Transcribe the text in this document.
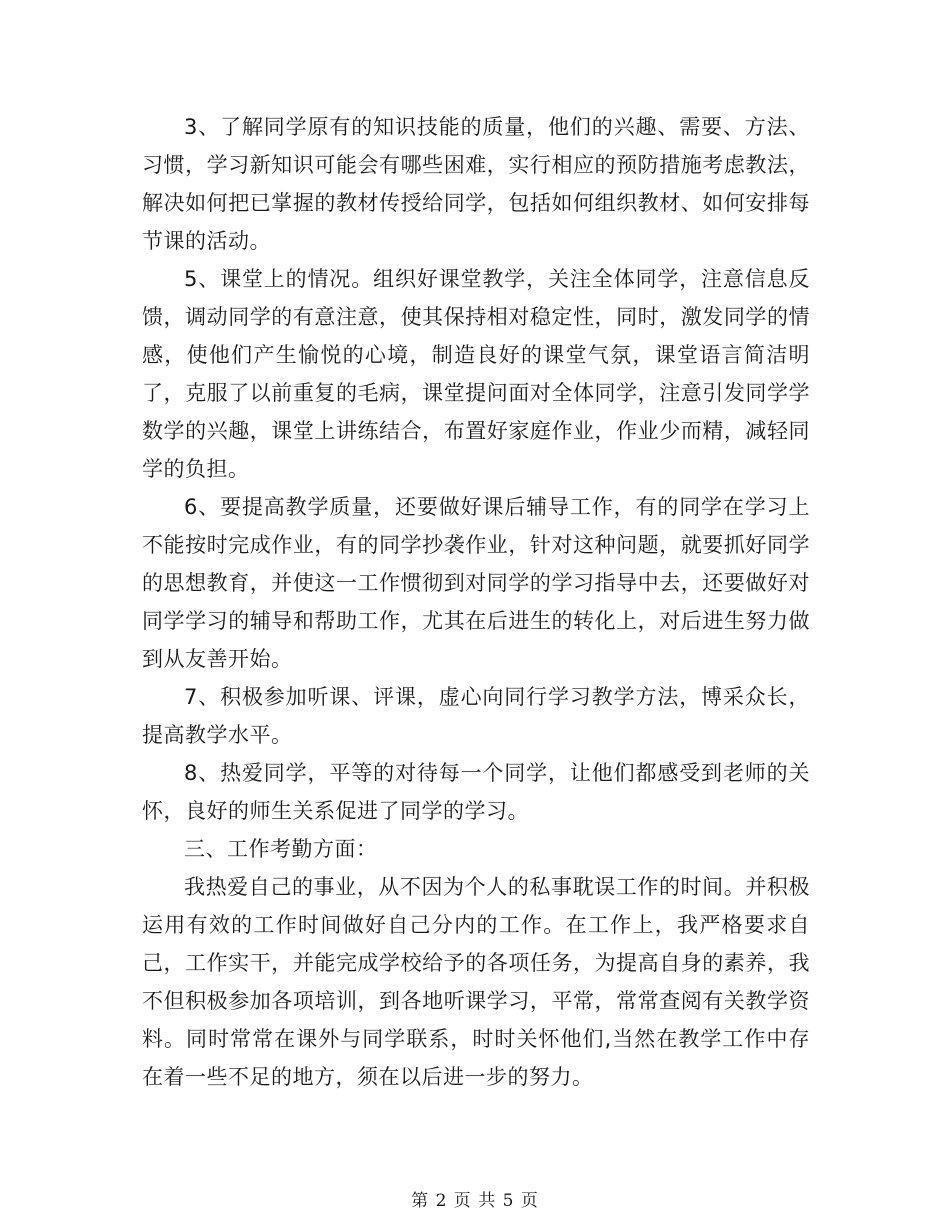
3、了解同学原有的知识技能的质量，他们的兴趣、需要、方法、习惯，学习新知识可能会有哪些困难，实行相应的预防措施考虑教法，解决如何把已掌握的教材传授给同学，包括如何组织教材、如何安排每节课的活动。

5、课堂上的情况。组织好课堂教学，关注全体同学，注意信息反馈，调动同学的有意注意，使其保持相对稳定性，同时，激发同学的情感，使他们产生愉悦的心境，制造良好的课堂气氛，课堂语言简洁明了，克服了以前重复的毛病，课堂提问面对全体同学，注意引发同学学数学的兴趣，课堂上讲练结合，布置好家庭作业，作业少而精，减轻同学的负担。

6、要提高教学质量，还要做好课后辅导工作，有的同学在学习上不能按时完成作业，有的同学抄袭作业，针对这种问题，就要抓好同学的思想教育，并使这一工作惯彻到对同学的学习指导中去，还要做好对同学学习的辅导和帮助工作，尤其在后进生的转化上，对后进生努力做到从友善开始。

7、积极参加听课、评课，虚心向同行学习教学方法，博采众长，提高教学水平。

8、热爱同学，平等的对待每一个同学，让他们都感受到老师的关怀，良好的师生关系促进了同学的学习。

三、工作考勤方面：

我热爱自己的事业，从不因为个人的私事耽误工作的时间。并积极运用有效的工作时间做好自己分内的工作。在工作上，我严格要求自己，工作实干，并能完成学校给予的各项任务，为提高自身的素养，我不但积极参加各项培训，到各地听课学习，平常，常常查阅有关教学资料。同时常常在课外与同学联系，时时关怀他们,当然在教学工作中存在着一些不足的地方，须在以后进一步的努力。

第 2 页 共 5 页
